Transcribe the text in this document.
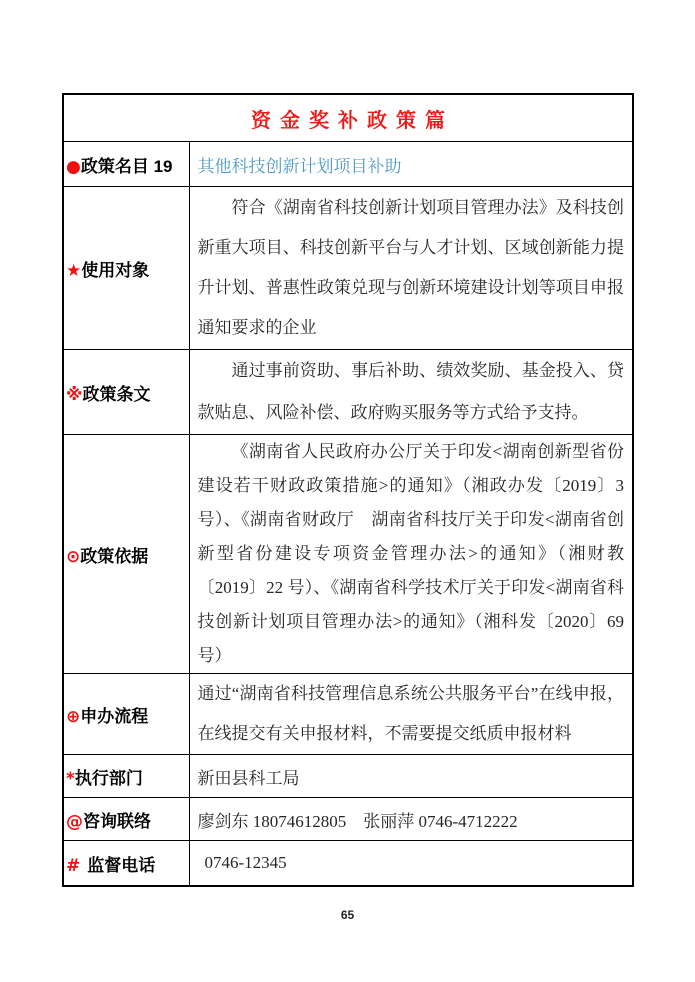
资金奖补政策篇	
●政策名目 19	其他科技创新计划项目补助
★使用对象	符合《湖南省科技创新计划项目管理办法》及科技创新重大项目、科技创新平台与人才计划、区域创新能力提升计划、普惠性政策兑现与创新环境建设计划等项目申报通知要求的企业
※政策条文	通过事前资助、事后补助、绩效奖励、基金投入、贷款贴息、风险补偿、政府购买服务等方式给予支持。
⊙政策依据	《湖南省人民政府办公厅关于印发<湖南创新型省份建设若干财政政策措施>的通知》（湘政办发〔2019〕3 号）、《湖南省财政厅　湖南省科技厅关于印发<湖南省创新型省份建设专项资金管理办法>的通知》（湘财教〔2019〕22 号）、《湖南省科学技术厅关于印发<湖南省科技创新计划项目管理办法>的通知》（湘科发〔2020〕69 号）
⊕申办流程	通过“湖南省科技管理信息系统公共服务平台”在线申报，在线提交有关申报材料，不需要提交纸质申报材料
*执行部门	新田县科工局
@咨询联络	廖剑东 18074612805　张丽萍 0746-4712222
# 监督电话	0746-12345
65
